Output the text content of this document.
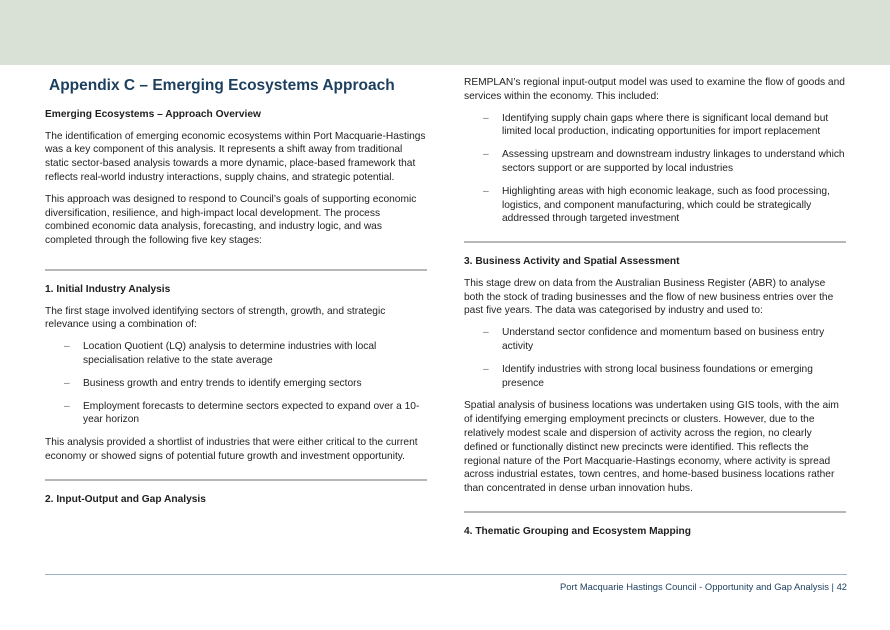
Appendix C – Emerging Ecosystems Approach
Emerging Ecosystems – Approach Overview

The identification of emerging economic ecosystems within Port Macquarie-Hastings was a key component of this analysis. It represents a shift away from traditional static sector-based analysis towards a more dynamic, place-based framework that reflects real-world industry interactions, supply chains, and strategic potential.

This approach was designed to respond to Council’s goals of supporting economic diversification, resilience, and high-impact local development. The process combined economic data analysis, forecasting, and industry logic, and was completed through the following five key stages:

1. Initial Industry Analysis

The first stage involved identifying sectors of strength, growth, and strategic relevance using a combination of:

– Location Quotient (LQ) analysis to determine industries with local specialisation relative to the state average
– Business growth and entry trends to identify emerging sectors
– Employment forecasts to determine sectors expected to expand over a 10-year horizon

This analysis provided a shortlist of industries that were either critical to the current economy or showed signs of potential future growth and investment opportunity.

2. Input-Output and Gap Analysis

REMPLAN’s regional input-output model was used to examine the flow of goods and services within the economy. This included:

– Identifying supply chain gaps where there is significant local demand but limited local production, indicating opportunities for import replacement
– Assessing upstream and downstream industry linkages to understand which sectors support or are supported by local industries
– Highlighting areas with high economic leakage, such as food processing, logistics, and component manufacturing, which could be strategically addressed through targeted investment
3. Business Activity and Spatial Assessment

This stage drew on data from the Australian Business Register (ABR) to analyse both the stock of trading businesses and the flow of new business entries over the past five years. The data was categorised by industry and used to:

– Understand sector confidence and momentum based on business entry activity
– Identify industries with strong local business foundations or emerging presence

Spatial analysis of business locations was undertaken using GIS tools, with the aim of identifying emerging employment precincts or clusters. However, due to the relatively modest scale and dispersion of activity across the region, no clearly defined or functionally distinct new precincts were identified. This reflects the regional nature of the Port Macquarie-Hastings economy, where activity is spread across industrial estates, town centres, and home-based business locations rather than concentrated in dense urban innovation hubs.

4. Thematic Grouping and Ecosystem Mapping
Port Macquarie Hastings Council - Opportunity and Gap Analysis | 42
